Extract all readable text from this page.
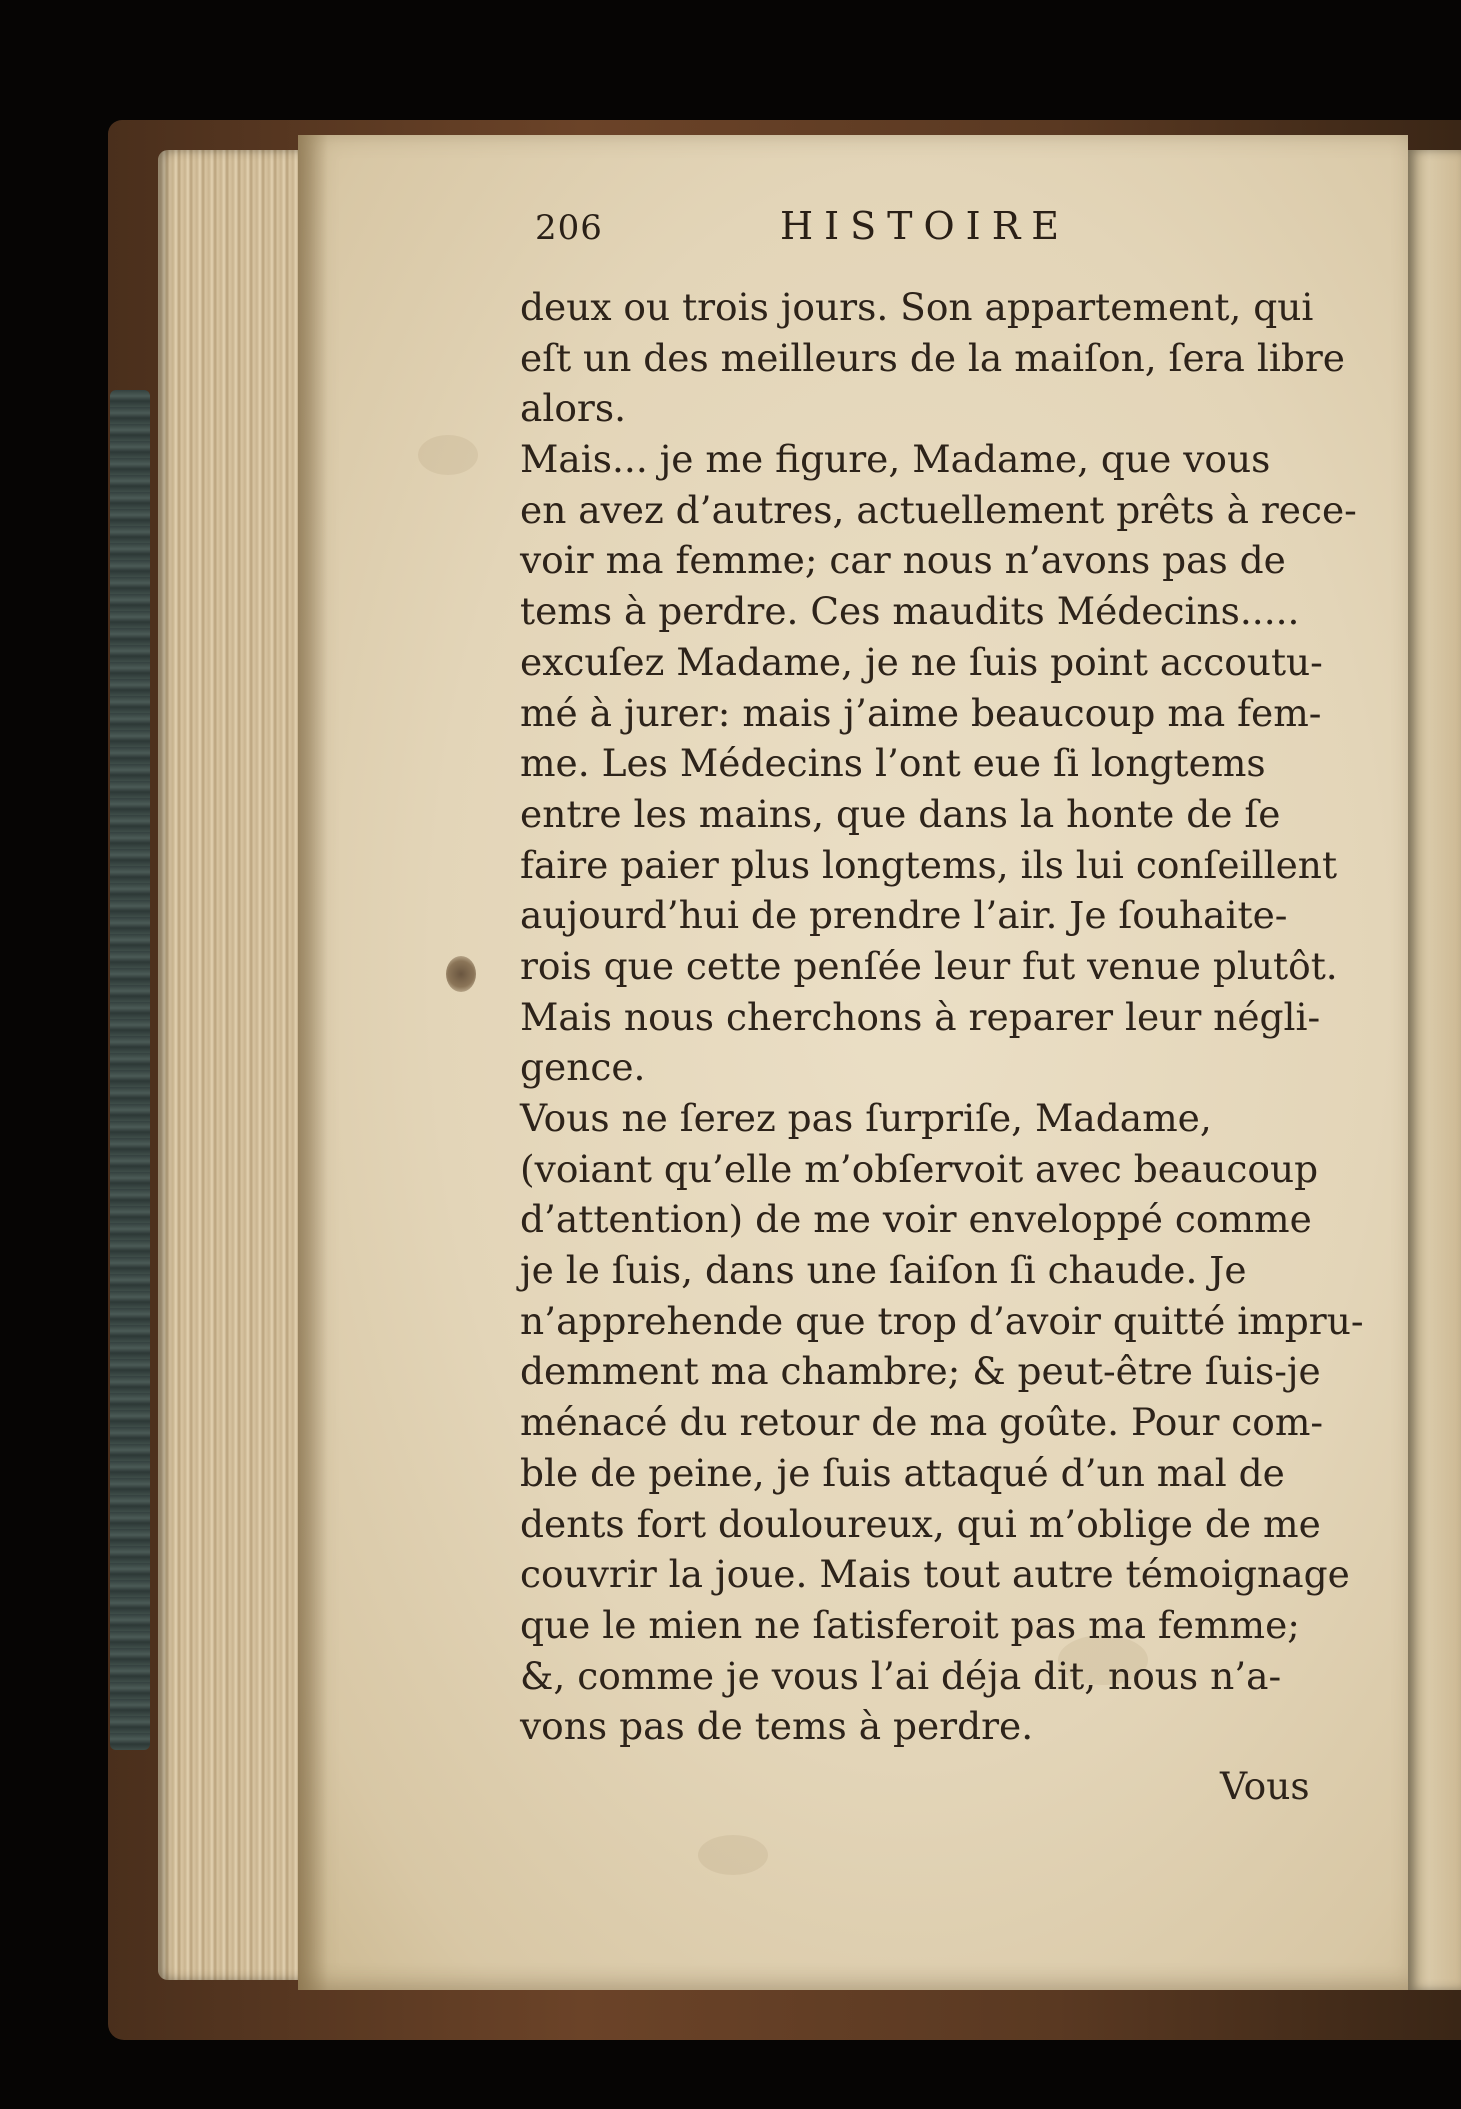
206	HISTOIRE
deux ou trois jours. Son appartement, qui
eſt un des meilleurs de la maiſon, ſera libre
alors.
Mais... je me figure, Madame, que vous
en avez d’autres, actuellement prêts à rece-
voir ma femme; car nous n’avons pas de
tems à perdre. Ces maudits Médecins.....
excuſez Madame, je ne ſuis point accoutu-
mé à jurer: mais j’aime beaucoup ma fem-
me. Les Médecins l’ont eue ſi longtems
entre les mains, que dans la honte de ſe
faire paier plus longtems, ils lui conſeillent
aujourd’hui de prendre l’air. Je ſouhaite-
rois que cette penſée leur fut venue plutôt.
Mais nous cherchons à reparer leur négli-
gence.
Vous ne ſerez pas ſurpriſe, Madame,
(voiant qu’elle m’obſervoit avec beaucoup
d’attention) de me voir enveloppé comme
je le ſuis, dans une ſaiſon ſi chaude. Je
n’apprehende que trop d’avoir quitté impru-
demment ma chambre; & peut-être ſuis-je
ménacé du retour de ma goûte. Pour com-
ble de peine, je ſuis attaqué d’un mal de
dents fort douloureux, qui m’oblige de me
couvrir la joue. Mais tout autre témoignage
que le mien ne ſatisferoit pas ma femme;
&, comme je vous l’ai déja dit, nous n’a-
vons pas de tems à perdre.
Vous
